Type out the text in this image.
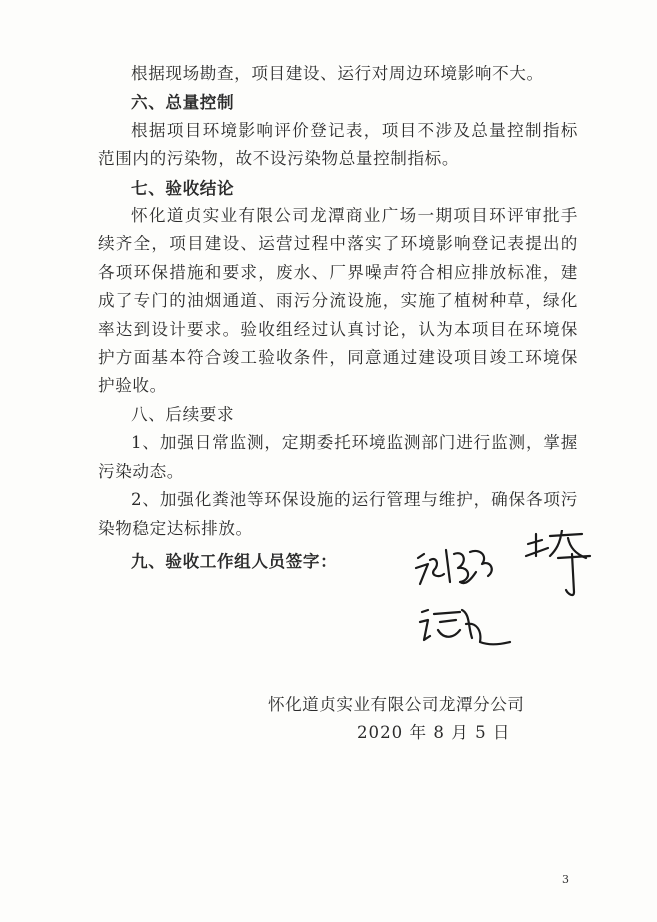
根据现场勘查，项目建设、运行对周边环境影响不大。

六、总量控制

根据项目环境影响评价登记表，项目不涉及总量控制指标范围内的污染物，故不设污染物总量控制指标。

七、验收结论

怀化道贞实业有限公司龙潭商业广场一期项目环评审批手续齐全，项目建设、运营过程中落实了环境影响登记表提出的各项环保措施和要求，废水、厂界噪声符合相应排放标准，建成了专门的油烟通道、雨污分流设施，实施了植树种草，绿化率达到设计要求。验收组经过认真讨论，认为本项目在环境保护方面基本符合竣工验收条件，同意通过建设项目竣工环境保护验收。

八、后续要求

1、加强日常监测，定期委托环境监测部门进行监测，掌握污染动态。

2、加强化粪池等环保设施的运行管理与维护，确保各项污染物稳定达标排放。

九、验收工作组人员签字：
张鸿
李攀
谭薇
怀化道贞实业有限公司龙潭分公司
2020 年 8 月 5 日
3
